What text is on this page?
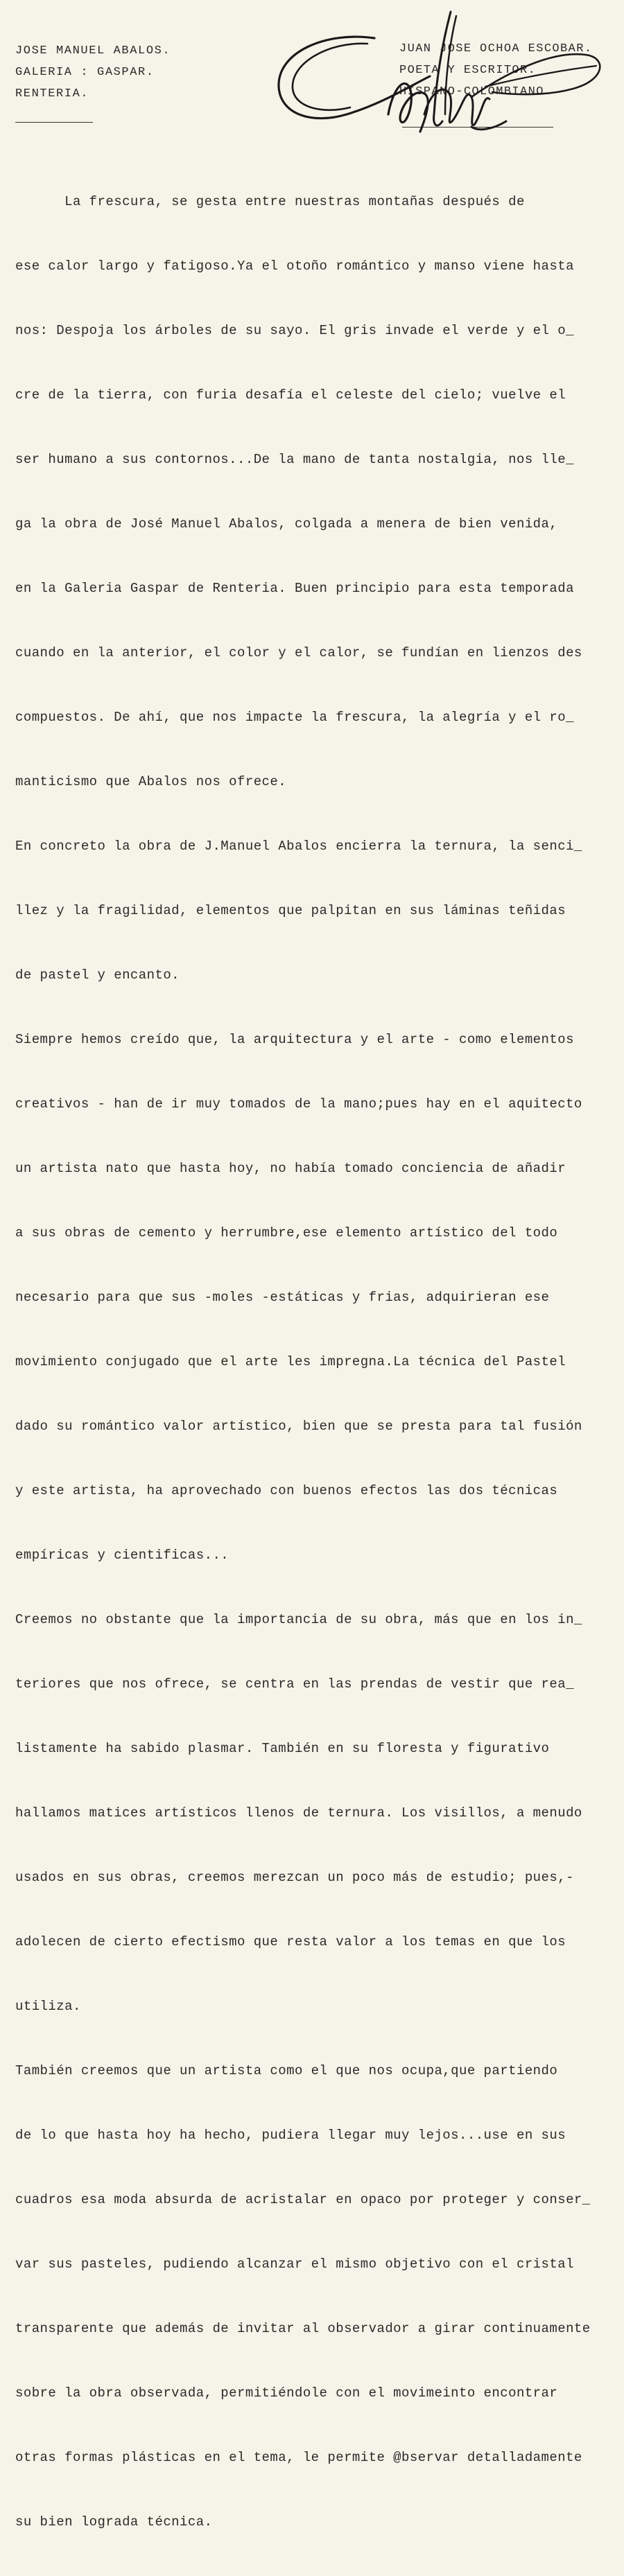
JOSE MANUEL ABALOS.
GALERIA : GASPAR.
RENTERIA.
JUAN JOSE OCHOA ESCOBAR.
POETA Y ESCRITOR.
HISPANO-COLOMBIANO.

La frescura, se gesta entre nuestras montañas después de

ese calor largo y fatigoso.Ya el otoño romántico y manso viene hasta

nos: Despoja los árboles de su sayo. El gris invade el verde y el o_

cre de la tierra, con furia desafía el celeste del cielo; vuelve el

ser humano a sus contornos...De la mano de tanta nostalgia, nos lle_

ga la obra de José Manuel Abalos, colgada a menera de bien venida,

en la Galeria Gaspar de Renteria. Buen principio para esta temporada

cuando en la anterior, el color y el calor, se fundían en lienzos des

compuestos. De ahí, que nos impacte la frescura, la alegría y el ro_

manticismo que Abalos nos ofrece.

En concreto la obra de J.Manuel Abalos encierra la ternura, la senci_

llez y la fragilidad, elementos que palpitan en sus láminas teñidas

de pastel y encanto.

Siempre hemos creído que, la arquitectura y el arte - como elementos

creativos - han de ir muy tomados de la mano;pues hay en el aquitecto

un artista nato que hasta hoy, no había tomado conciencia de añadir

a sus obras de cemento y herrumbre,ese elemento artístico del todo

necesario para que sus -moles -estáticas y frias, adquirieran ese

movimiento conjugado que el arte les impregna.La técnica del Pastel

dado su romántico valor artístico, bien que se presta para tal fusión

y este artista, ha aprovechado con buenos efectos las dos técnicas

empíricas y cientificas...

Creemos no obstante que la importancia de su obra, más que en los in_

teriores que nos ofrece, se centra en las prendas de vestir que rea_

listamente ha sabido plasmar. También en su floresta y figurativo

hallamos matices artísticos llenos de ternura. Los visillos, a menudo

usados en sus obras, creemos merezcan un poco más de estudio; pues,-

adolecen de cierto efectismo que resta valor a los temas en que los

utiliza.

También creemos que un artista como el que nos ocupa,que partiendo

de lo que hasta hoy ha hecho, pudiera llegar muy lejos...use en sus

cuadros esa moda absurda de acristalar en opaco por proteger y conser_

var sus pasteles, pudiendo alcanzar el mismo objetivo con el cristal

transparente que además de invitar al observador a girar continuamente

sobre la obra observada, permitiéndole con el movimeinto encontrar

otras formas plásticas en el tema, le permite @bservar detalladamente

su bien lograda técnica.
